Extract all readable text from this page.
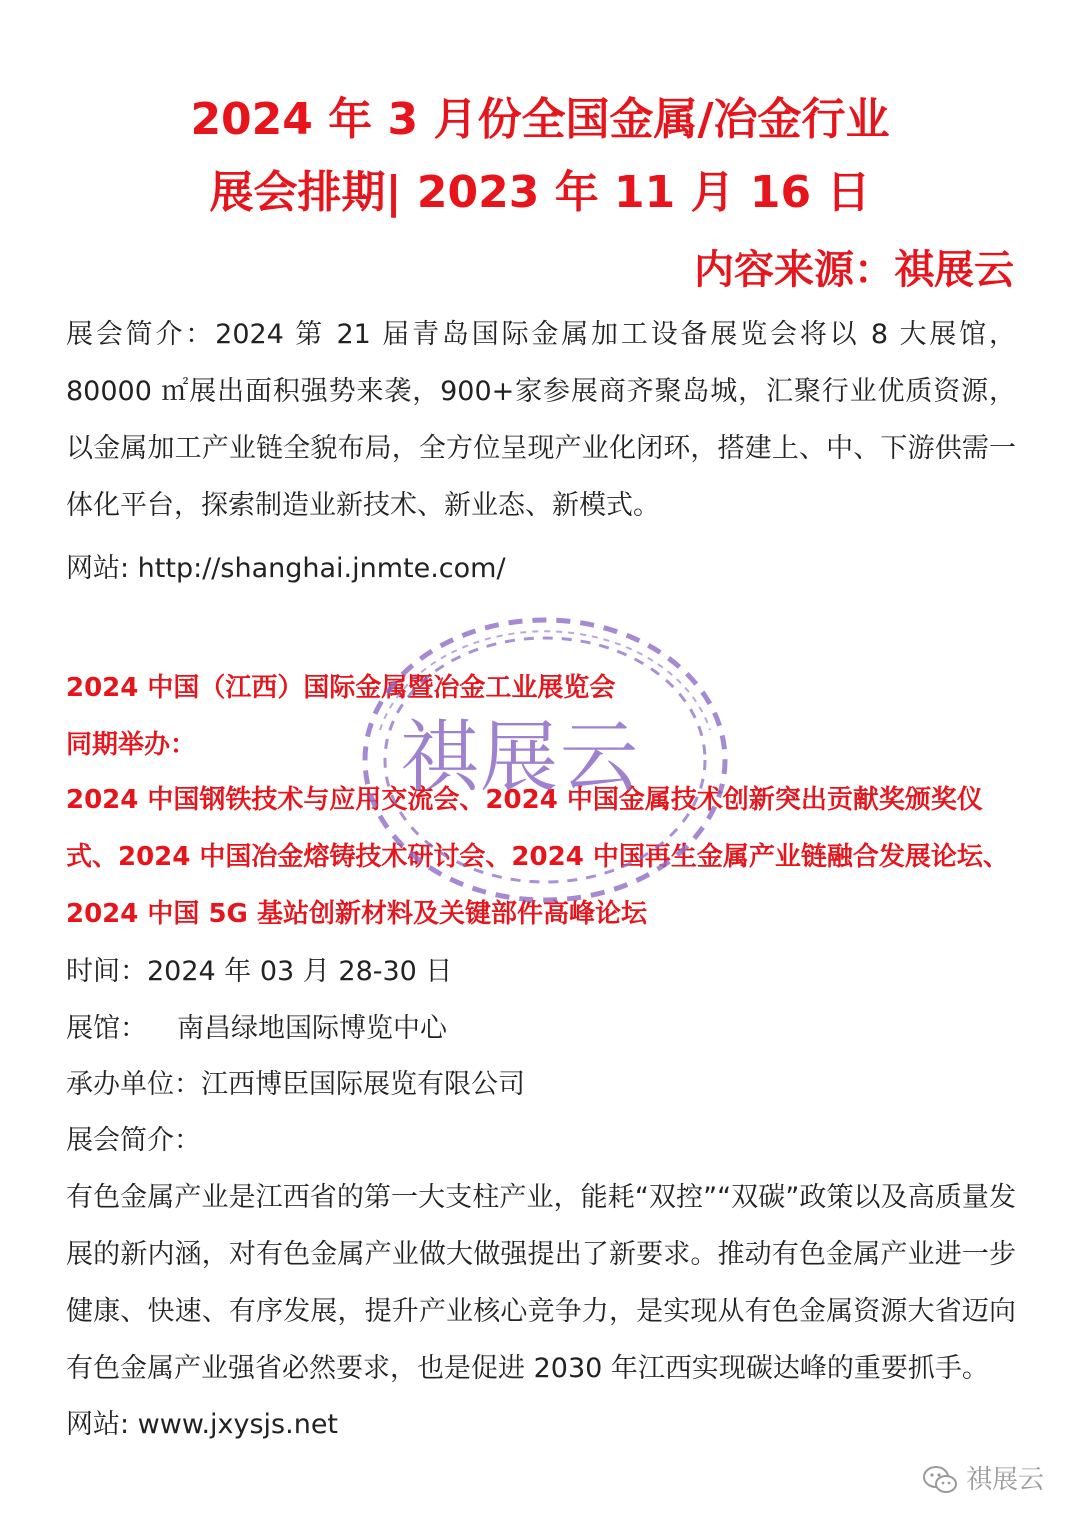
2024 年 3 月份全国金属/冶金行业
展会排期| 2023 年 11 月 16 日
内容来源：祺展云

展会简介：2024 第 21 届青岛国际金属加工设备展览会将以 8 大展馆，80000 ㎡展出面积强势来袭，900+家参展商齐聚岛城，汇聚行业优质资源，以金属加工产业链全貌布局，全方位呈现产业化闭环，搭建上、中、下游供需一体化平台，探索制造业新技术、新业态、新模式。

网站: http://shanghai.jnmte.com/

2024 中国（江西）国际金属暨冶金工业展览会

同期举办：

2024 中国钢铁技术与应用交流会、2024 中国金属技术创新突出贡献奖颁奖仪式、2024 中国冶金熔铸技术研讨会、2024 中国再生金属产业链融合发展论坛、2024 中国 5G 基站创新材料及关键部件高峰论坛

时间：2024 年 03 月 28-30 日
展馆： 南昌绿地国际博览中心
承办单位：江西博臣国际展览有限公司
展会简介：

有色金属产业是江西省的第一大支柱产业，能耗“双控”“双碳”政策以及高质量发展的新内涵，对有色金属产业做大做强提出了新要求。推动有色金属产业进一步健康、快速、有序发展，提升产业核心竞争力，是实现从有色金属资源大省迈向有色金属产业强省必然要求，也是促进 2030 年江西实现碳达峰的重要抓手。

网站: www.jxysjs.net
祺展云
祺展云
